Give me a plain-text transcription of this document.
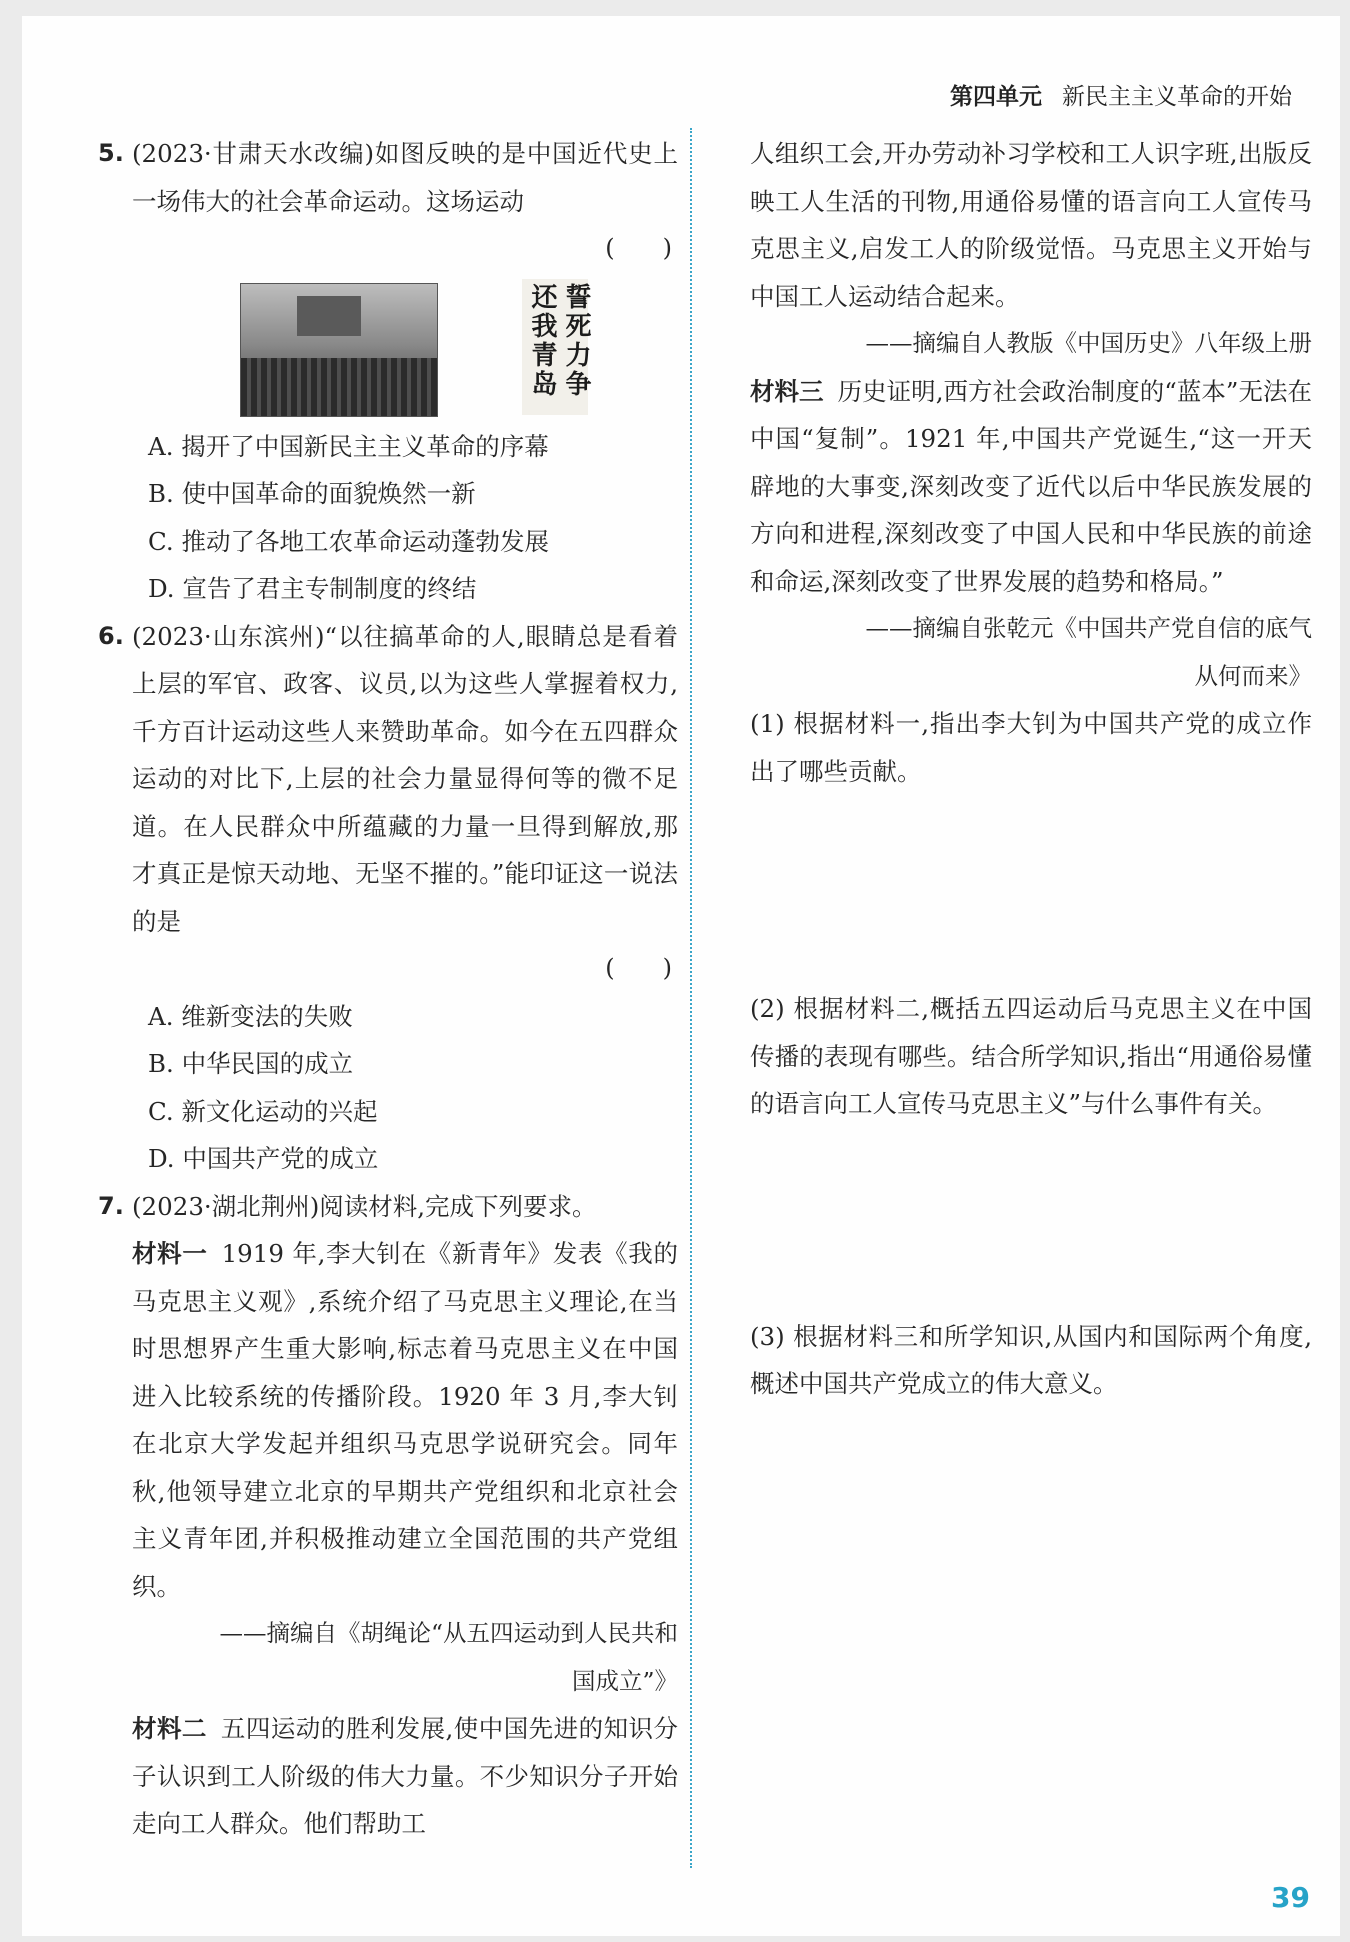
第四单元 新民主主义革命的开始
5. (2023·甘肃天水改编)如图反映的是中国近代史上一场伟大的社会革命运动。这场运动
(　　)
誓死力争
还我青岛
A. 揭开了中国新民主主义革命的序幕
B. 使中国革命的面貌焕然一新
C. 推动了各地工农革命运动蓬勃发展
D. 宣告了君主专制制度的终结
6. (2023·山东滨州)“以往搞革命的人,眼睛总是看着上层的军官、政客、议员,以为这些人掌握着权力,千方百计运动这些人来赞助革命。如今在五四群众运动的对比下,上层的社会力量显得何等的微不足道。在人民群众中所蕴藏的力量一旦得到解放,那才真正是惊天动地、无坚不摧的。”能印证这一说法的是
(　　)
A. 维新变法的失败
B. 中华民国的成立
C. 新文化运动的兴起
D. 中国共产党的成立
7. (2023·湖北荆州)阅读材料,完成下列要求。
材料一 1919 年,李大钊在《新青年》发表《我的马克思主义观》,系统介绍了马克思主义理论,在当时思想界产生重大影响,标志着马克思主义在中国进入比较系统的传播阶段。1920 年 3 月,李大钊在北京大学发起并组织马克思学说研究会。同年秋,他领导建立北京的早期共产党组织和北京社会主义青年团,并积极推动建立全国范围的共产党组织。
——摘编自《胡绳论“从五四运动到人民共和
国成立”》
材料二 五四运动的胜利发展,使中国先进的知识分子认识到工人阶级的伟大力量。不少知识分子开始走向工人群众。他们帮助工
人组织工会,开办劳动补习学校和工人识字班,出版反映工人生活的刊物,用通俗易懂的语言向工人宣传马克思主义,启发工人的阶级觉悟。马克思主义开始与中国工人运动结合起来。
——摘编自人教版《中国历史》八年级上册
材料三 历史证明,西方社会政治制度的“蓝本”无法在中国“复制”。1921 年,中国共产党诞生,“这一开天辟地的大事变,深刻改变了近代以后中华民族发展的方向和进程,深刻改变了中国人民和中华民族的前途和命运,深刻改变了世界发展的趋势和格局。”
——摘编自张乾元《中国共产党自信的底气
从何而来》
(1) 根据材料一,指出李大钊为中国共产党的成立作出了哪些贡献。
(2) 根据材料二,概括五四运动后马克思主义在中国传播的表现有哪些。结合所学知识,指出“用通俗易懂的语言向工人宣传马克思主义”与什么事件有关。
(3) 根据材料三和所学知识,从国内和国际两个角度,概述中国共产党成立的伟大意义。
39
